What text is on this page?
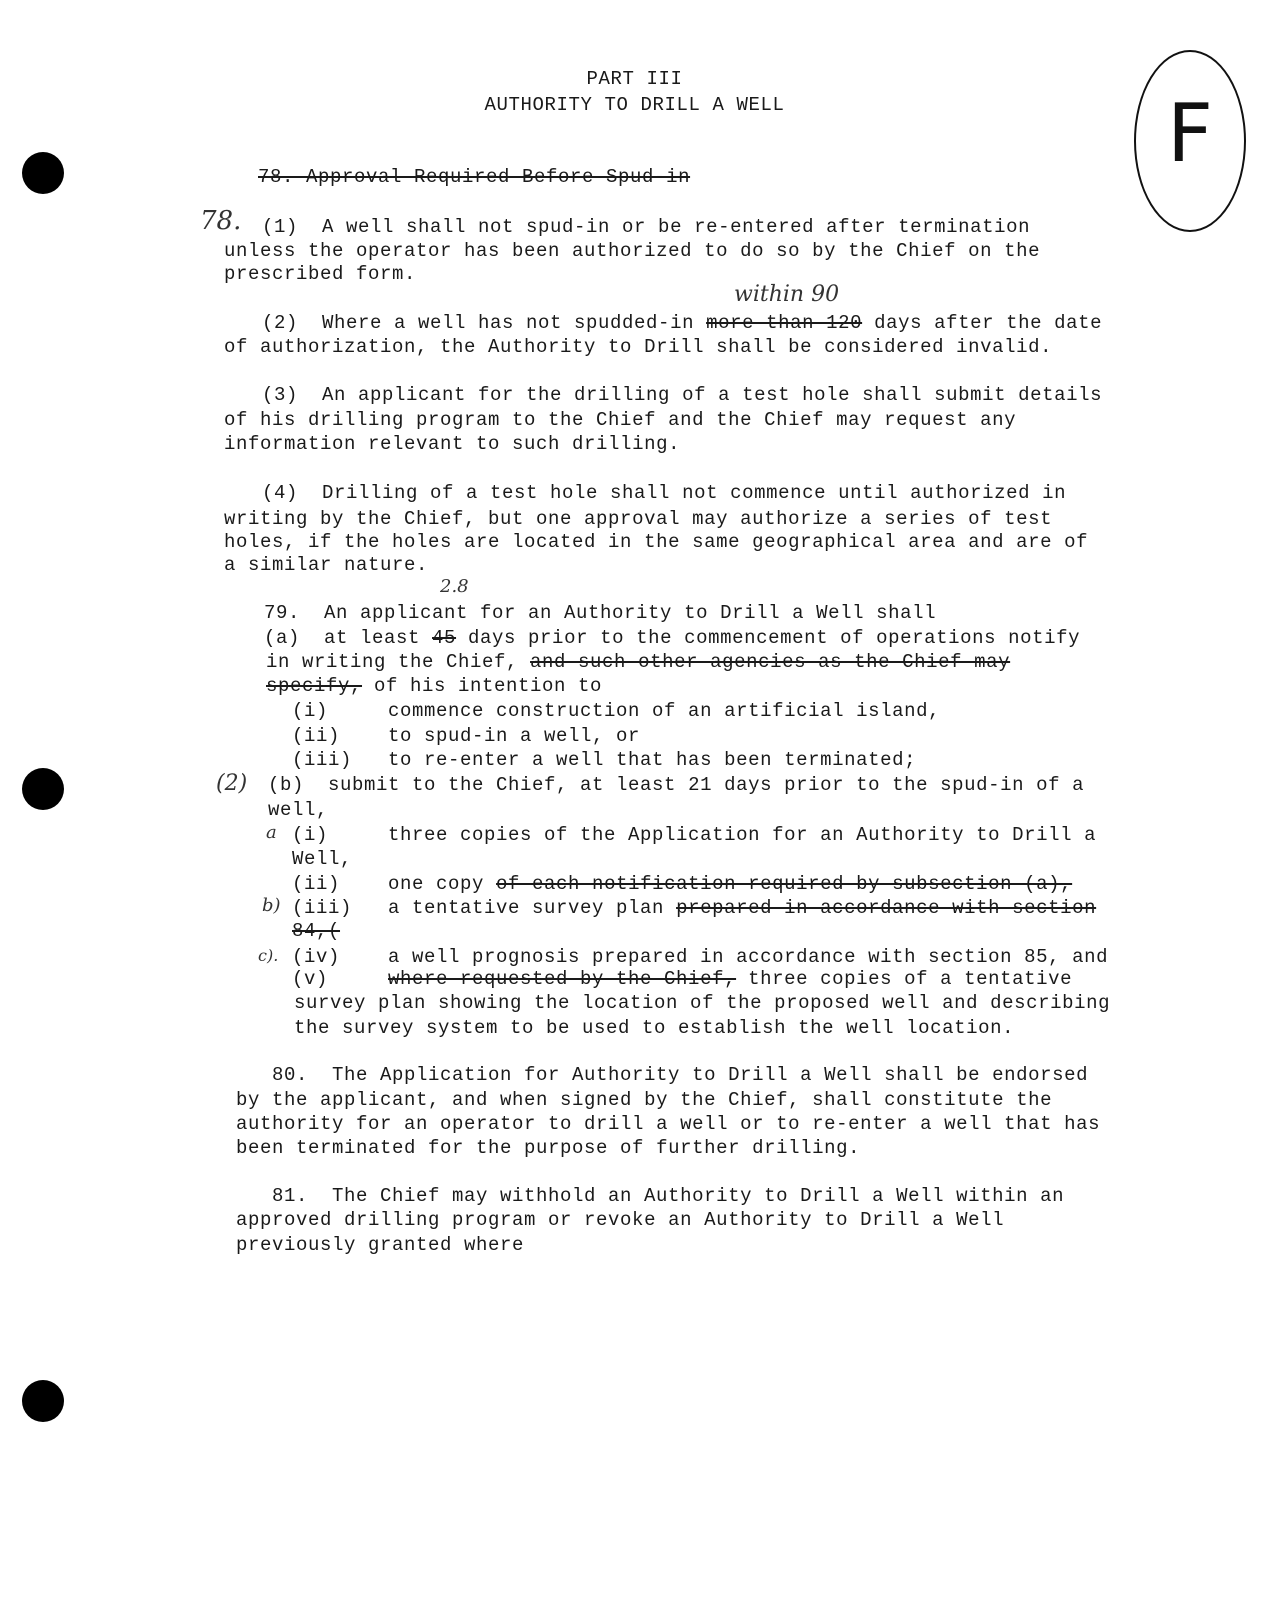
F
PART III
AUTHORITY TO DRILL A WELL
78. Approval Required Before Spud-in
78. (1)  A well shall not spud-in or be re-entered after termination
unless the operator has been authorized to do so by the Chief on the
prescribed form.
within 90
(2)  Where a well has not spudded-in more than 120 days after the date
of authorization, the Authority to Drill shall be considered invalid.
(3)  An applicant for the drilling of a test hole shall submit details
of his drilling program to the Chief and the Chief may request any
information relevant to such drilling.
(4)  Drilling of a test hole shall not commence until authorized in
writing by the Chief, but one approval may authorize a series of test
holes, if the holes are located in the same geographical area and are of
a similar nature.
2.8
79.  An applicant for an Authority to Drill a Well shall
(a)  at least 45 days prior to the commencement of operations notify
in writing the Chief, and such other agencies as the Chief may
specify, of his intention to
(i)     commence construction of an artificial island,
(ii)    to spud-in a well, or
(iii)   to re-enter a well that has been terminated;
(2) (b)  submit to the Chief, at least 21 days prior to the spud-in of a
well,
a (i)     three copies of the Application for an Authority to Drill a
Well,
(ii)    one copy of each notification required by subsection (a),
b) (iii)   a tentative survey plan prepared in accordance with section
84,(
c). (iv)    a well prognosis prepared in accordance with section 85, and
(v)     where requested by the Chief, three copies of a tentative
survey plan showing the location of the proposed well and describing
the survey system to be used to establish the well location.
80.  The Application for Authority to Drill a Well shall be endorsed
by the applicant, and when signed by the Chief, shall constitute the
authority for an operator to drill a well or to re-enter a well that has
been terminated for the purpose of further drilling.
81.  The Chief may withhold an Authority to Drill a Well within an
approved drilling program or revoke an Authority to Drill a Well
previously granted where
